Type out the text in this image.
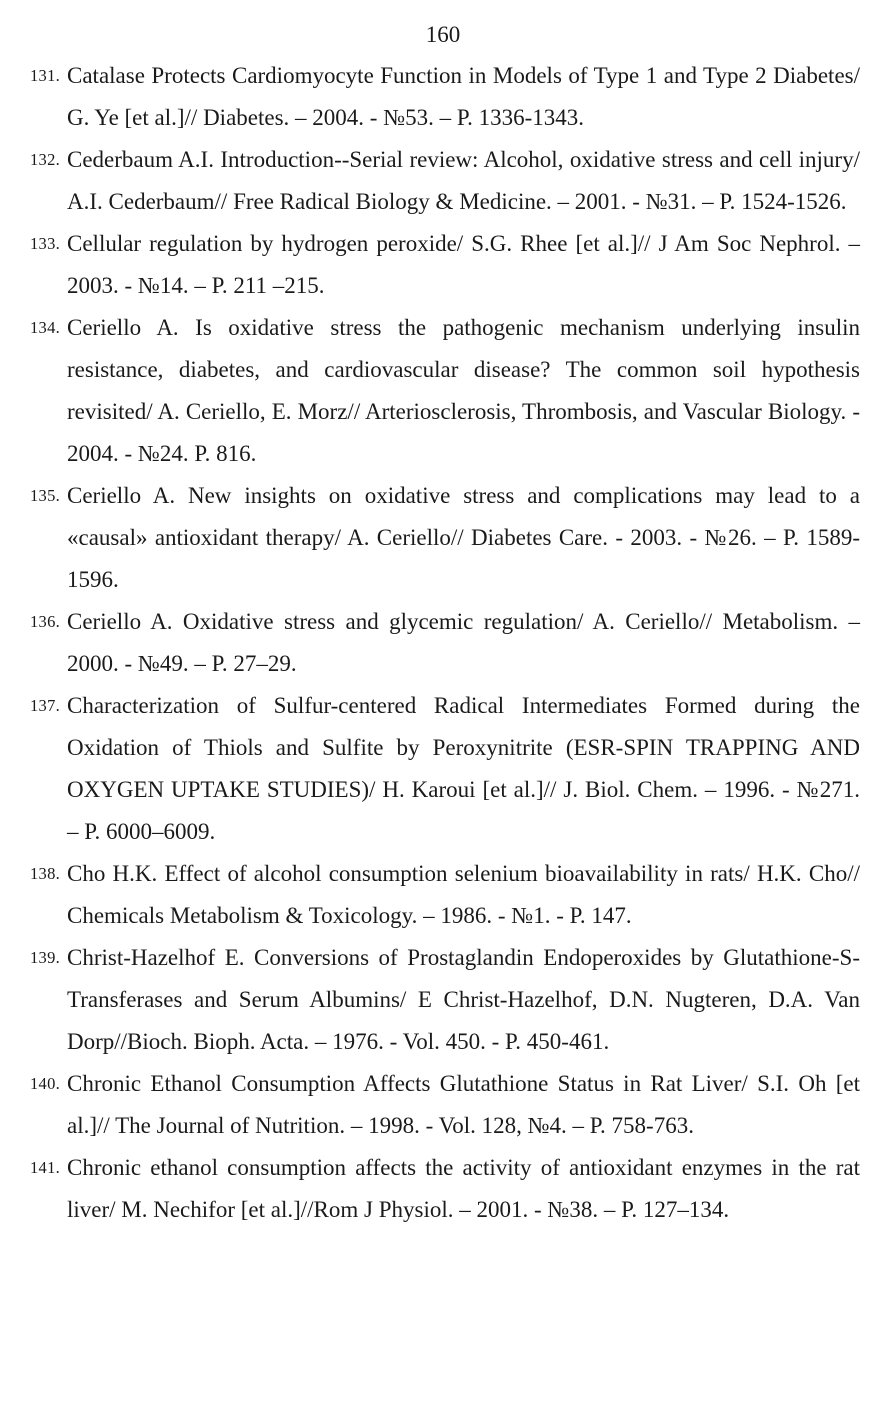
160
131. Catalase Protects Cardiomyocyte Function in Models of Type 1 and Type 2 Diabetes/ G. Ye [et al.]// Diabetes. – 2004. - №53. – P. 1336-1343.
132. Cederbaum A.I. Introduction--Serial review: Alcohol, oxidative stress and cell injury/ A.I. Cederbaum// Free Radical Biology & Medicine. – 2001. - №31. – P. 1524-1526.
133. Cellular regulation by hydrogen peroxide/ S.G. Rhee [et al.]// J Am Soc Nephrol. – 2003. - №14. – P. 211 –215.
134. Ceriello A. Is oxidative stress the pathogenic mechanism underlying insulin resistance, diabetes, and cardiovascular disease? The common soil hypothesis revisited/ A. Ceriello, E. Morz// Arteriosclerosis, Thrombosis, and Vascular Biology. - 2004. - №24. P. 816.
135. Ceriello A. New insights on oxidative stress and complications may lead to a «causal» antioxidant therapy/ A. Ceriello// Diabetes Care. - 2003. - №26. – P. 1589-1596.
136. Ceriello A. Oxidative stress and glycemic regulation/ A. Ceriello// Metabolism. – 2000. - №49. – P. 27–29.
137. Characterization of Sulfur-centered Radical Intermediates Formed during the Oxidation of Thiols and Sulfite by Peroxynitrite (ESR-SPIN TRAPPING AND OXYGEN UPTAKE STUDIES)/ H. Karoui [et al.]// J. Biol. Chem. – 1996. - №271. – P. 6000–6009.
138. Cho H.K. Effect of alcohol consumption selenium bioavailability in rats/ H.K. Cho// Chemicals Metabolism & Toxicology. – 1986. - №1. - P. 147.
139. Christ-Hazelhof E. Conversions of Prostaglandin Endoperoxides by Glutathione-S-Transferases and Serum Albumins/ E Christ-Hazelhof, D.N. Nugteren, D.A. Van Dorp//Bioch. Bioph. Acta. – 1976. - Vol. 450. - P. 450-461.
140. Chronic Ethanol Consumption Affects Glutathione Status in Rat Liver/ S.I. Oh [et al.]// The Journal of Nutrition. – 1998. - Vol. 128, №4. – P. 758-763.
141. Chronic ethanol consumption affects the activity of antioxidant enzymes in the rat liver/ M. Nechifor [et al.]//Rom J Physiol. – 2001. - №38. – P. 127–134.
